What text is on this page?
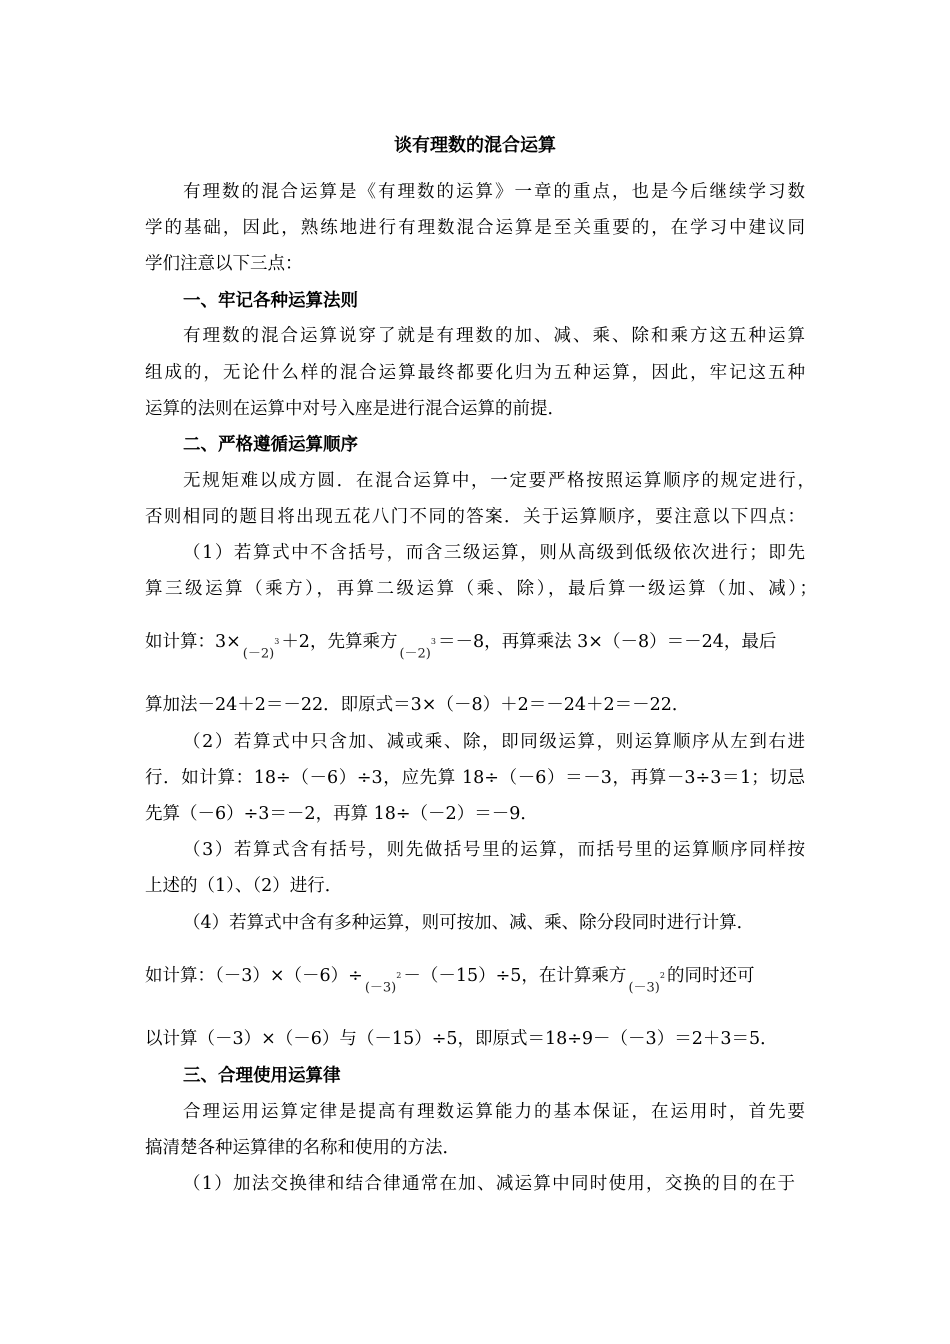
谈有理数的混合运算
有理数的混合运算是《有理数的运算》一章的重点，也是今后继续学习数
学的基础，因此，熟练地进行有理数混合运算是至关重要的，在学习中建议同
学们注意以下三点：
一、牢记各种运算法则
有理数的混合运算说穿了就是有理数的加、减、乘、除和乘方这五种运算
组成的，无论什么样的混合运算最终都要化归为五种运算，因此，牢记这五种
运算的法则在运算中对号入座是进行混合运算的前提．
二、严格遵循运算顺序
无规矩难以成方圆．在混合运算中，一定要严格按照运算顺序的规定进行，
否则相同的题目将出现五花八门不同的答案．关于运算顺序，要注意以下四点：
（1）若算式中不含括号，而含三级运算，则从高级到低级依次进行；即先
算三级运算（乘方），再算二级运算（乘、除），最后算一级运算（加、减）；
如计算：$3\times(-2)^3 +2$，先算乘方$(-2)^3 =-8$，再算乘法 3×（－8）＝－24，最后
算加法－24＋2＝－22．即原式＝3×（－8）＋2＝－24＋2＝－22．
（2）若算式中只含加、减或乘、除，即同级运算，则运算顺序从左到右进
行．如计算：18÷（－6）÷3，应先算 18÷（－6）＝－3，再算－3÷3＝1；切忌
先算（－6）÷3＝－2，再算 18÷（－2）＝－9．
（3）若算式含有括号，则先做括号里的运算，而括号里的运算顺序同样按
上述的（1）、（2）进行．
（4）若算式中含有多种运算，则可按加、减、乘、除分段同时进行计算．
如计算：$(-3)\times(-6)\div(-3)^2 -(-15)\div 5$，在计算乘方$(-3)^2$ 的同时还可
以计算（－3）×（－6）与（－15）÷5，即原式＝18÷9－（－3）＝2＋3＝5．
三、合理使用运算律
合理运用运算定律是提高有理数运算能力的基本保证，在运用时，首先要
搞清楚各种运算律的名称和使用的方法．
（1）加法交换律和结合律通常在加、减运算中同时使用，交换的目的在于
